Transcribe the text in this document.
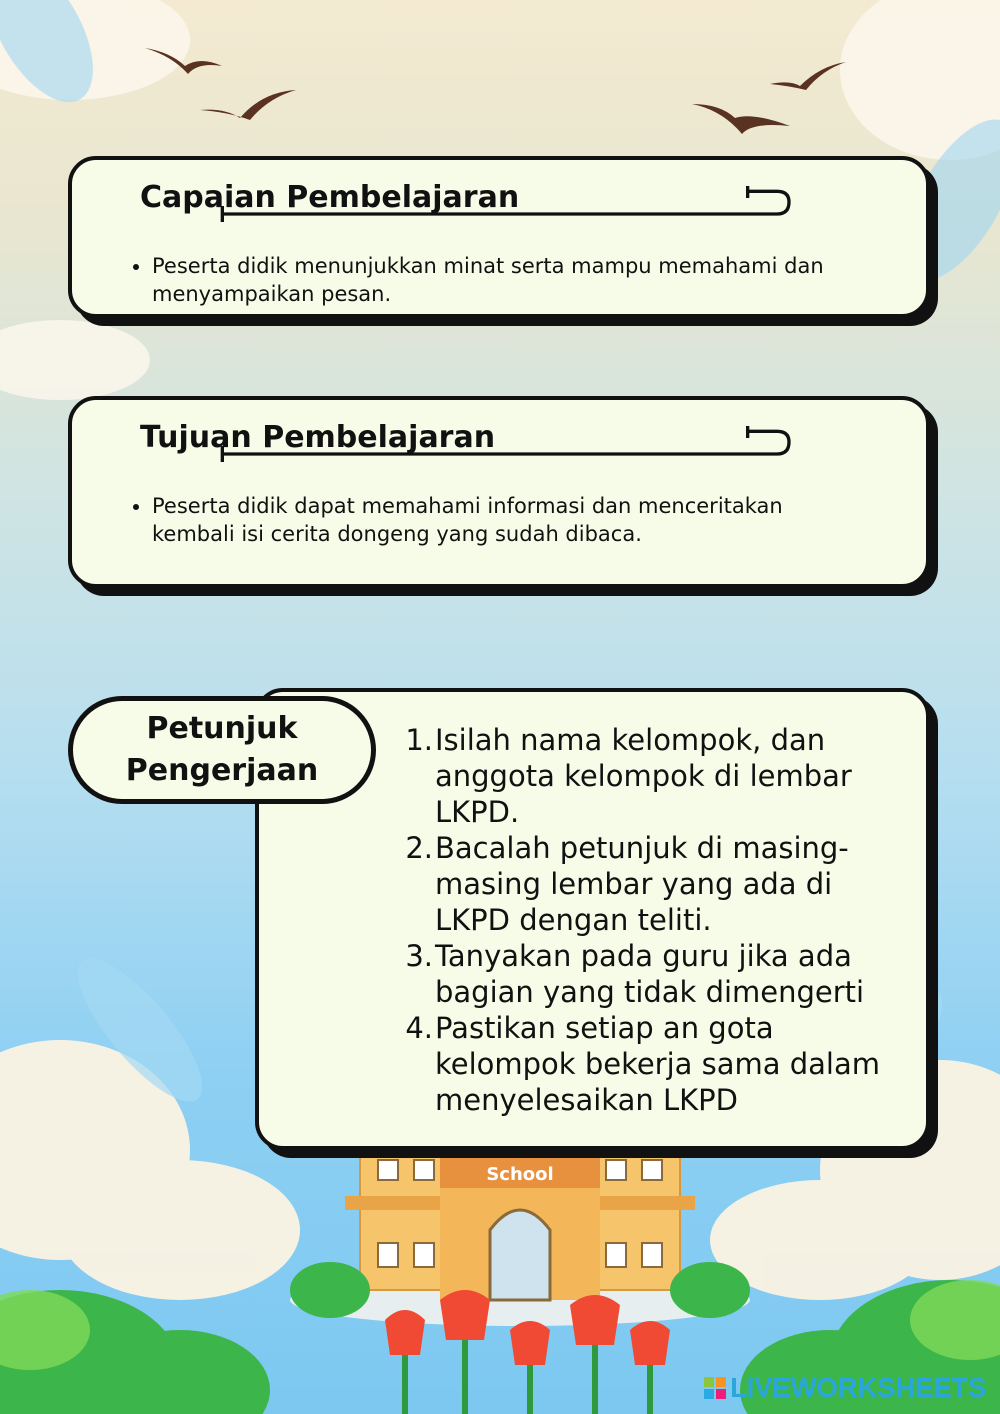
School
Capaian Pembelajaran
• Peserta didik menunjukkan minat serta mampu memahami dan menyampaikan pesan.
Tujuan Pembelajaran
• Peserta didik dapat memahami informasi dan menceritakan kembali isi cerita dongeng yang sudah dibaca.
1. Isilah nama kelompok, dan anggota kelompok di lembar LKPD.
2. Bacalah petunjuk di masing-masing lembar yang ada di LKPD dengan teliti.
3. Tanyakan pada guru jika ada bagian yang tidak dimengerti
4. Pastikan setiap an gota kelompok bekerja sama dalam menyelesaikan LKPD
Petunjuk
Pengerjaan
LIVEWORKSHEETS
